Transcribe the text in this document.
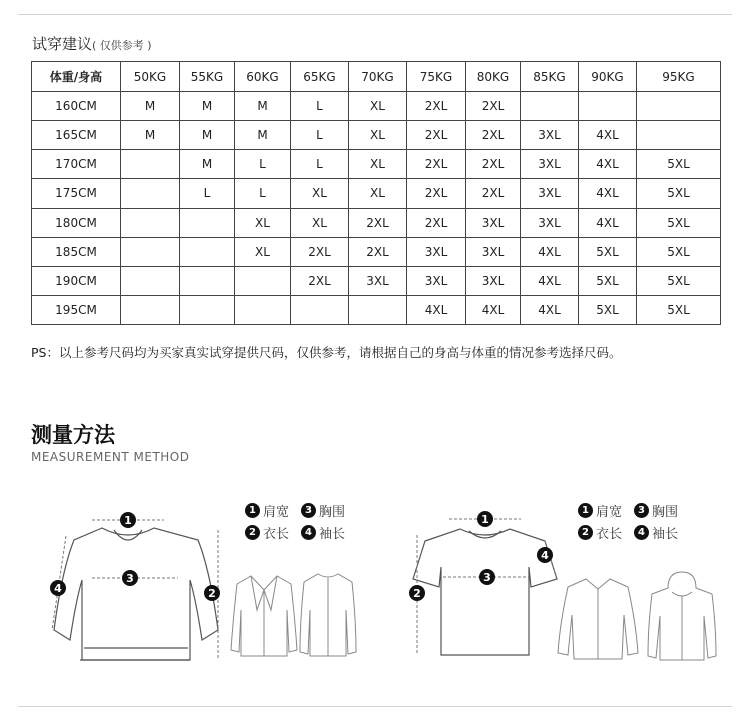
试穿建议( 仅供参考 )
体重/身高	50KG	55KG	60KG	65KG	70KG	75KG	80KG	85KG	90KG	95KG
160CM	M	M	M	L	XL	2XL	2XL			
165CM	M	M	M	L	XL	2XL	2XL	3XL	4XL	
170CM		M	L	L	XL	2XL	2XL	3XL	4XL	5XL
175CM		L	L	XL	XL	2XL	2XL	3XL	4XL	5XL
180CM			XL	XL	2XL	2XL	3XL	3XL	4XL	5XL
185CM			XL	2XL	2XL	3XL	3XL	4XL	5XL	5XL
190CM				2XL	3XL	3XL	3XL	4XL	5XL	5XL
195CM						4XL	4XL	4XL	5XL	5XL
PS：以上参考尺码均为买家真实试穿提供尺码，仅供参考，请根据自己的身高与体重的情况参考选择尺码。
测量方法
MEASUREMENT METHOD
1
3
2
4
1 肩宽	3 胸围
2 衣长	4 袖长
1
3
2
4
1 肩宽	3 胸围
2 衣长	4 袖长
